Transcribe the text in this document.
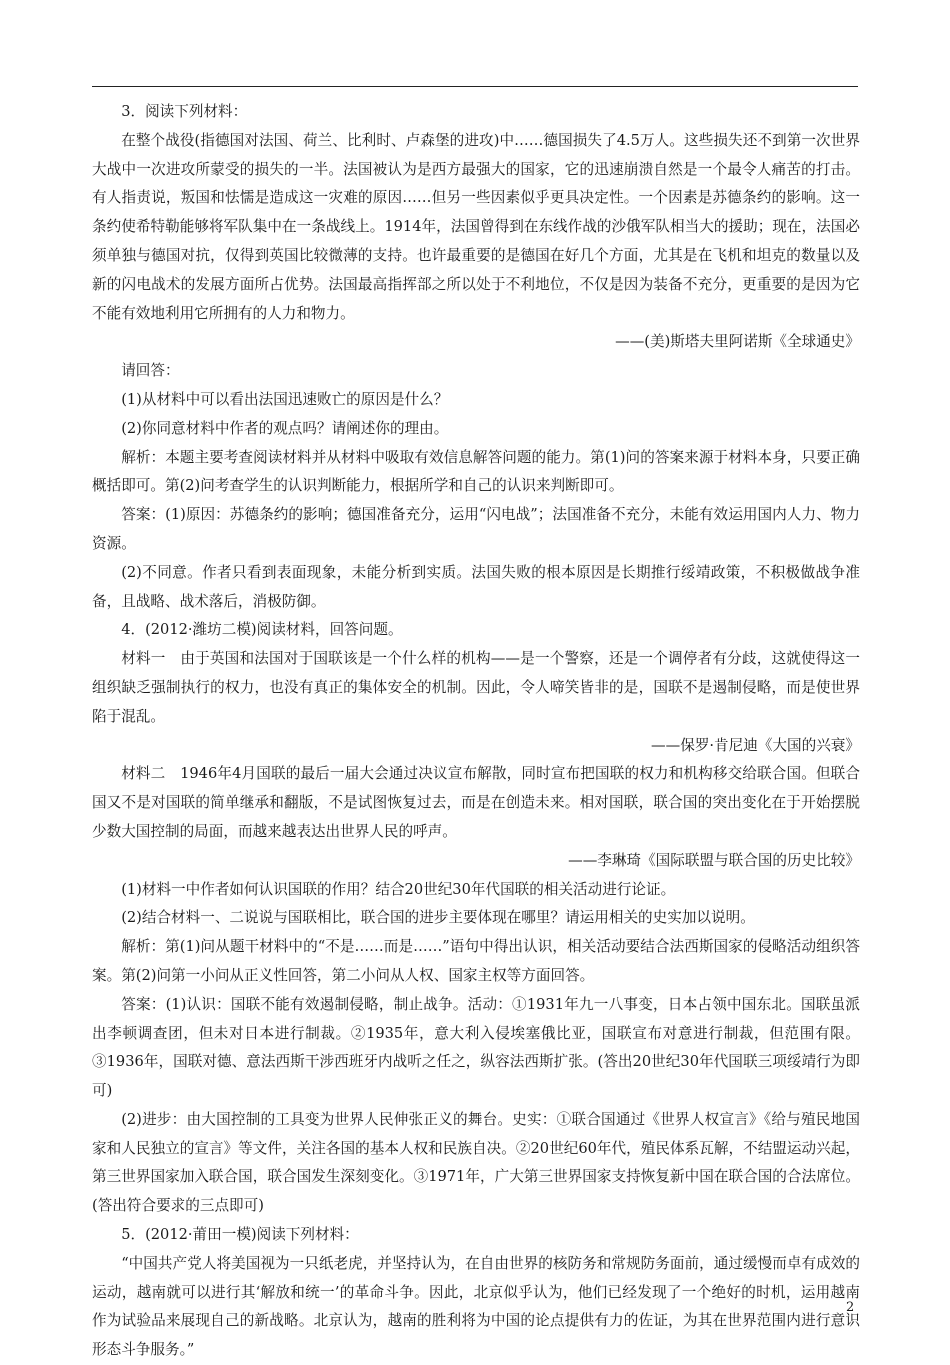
3．阅读下列材料：

在整个战役(指德国对法国、荷兰、比利时、卢森堡的进攻)中……德国损失了4.5万人。这些损失还不到第一次世界大战中一次进攻所蒙受的损失的一半。法国被认为是西方最强大的国家，它的迅速崩溃自然是一个最令人痛苦的打击。有人指责说，叛国和怯懦是造成这一灾难的原因……但另一些因素似乎更具决定性。一个因素是苏德条约的影响。这一条约使希特勒能够将军队集中在一条战线上。1914年，法国曾得到在东线作战的沙俄军队相当大的援助；现在，法国必须单独与德国对抗，仅得到英国比较微薄的支持。也许最重要的是德国在好几个方面，尤其是在飞机和坦克的数量以及新的闪电战术的发展方面所占优势。法国最高指挥部之所以处于不利地位，不仅是因为装备不充分，更重要的是因为它不能有效地利用它所拥有的人力和物力。

——(美)斯塔夫里阿诺斯《全球通史》

请回答：

(1)从材料中可以看出法国迅速败亡的原因是什么？

(2)你同意材料中作者的观点吗？请阐述你的理由。

解析：本题主要考查阅读材料并从材料中吸取有效信息解答问题的能力。第(1)问的答案来源于材料本身，只要正确概括即可。第(2)问考查学生的认识判断能力，根据所学和自己的认识来判断即可。

答案：(1)原因：苏德条约的影响；德国准备充分，运用“闪电战”；法国准备不充分，未能有效运用国内人力、物力资源。

(2)不同意。作者只看到表面现象，未能分析到实质。法国失败的根本原因是长期推行绥靖政策，不积极做战争准备，且战略、战术落后，消极防御。

4．(2012·潍坊二模)阅读材料，回答问题。

材料一　由于英国和法国对于国联该是一个什么样的机构——是一个警察，还是一个调停者有分歧，这就使得这一组织缺乏强制执行的权力，也没有真正的集体安全的机制。因此，令人啼笑皆非的是，国联不是遏制侵略，而是使世界陷于混乱。

——保罗·肯尼迪《大国的兴衰》

材料二　1946年4月国联的最后一届大会通过决议宣布解散，同时宣布把国联的权力和机构移交给联合国。但联合国又不是对国联的简单继承和翻版，不是试图恢复过去，而是在创造未来。相对国联，联合国的突出变化在于开始摆脱少数大国控制的局面，而越来越表达出世界人民的呼声。

——李琳琦《国际联盟与联合国的历史比较》

(1)材料一中作者如何认识国联的作用？结合20世纪30年代国联的相关活动进行论证。

(2)结合材料一、二说说与国联相比，联合国的进步主要体现在哪里？请运用相关的史实加以说明。

解析：第(1)问从题干材料中的“不是……而是……”语句中得出认识，相关活动要结合法西斯国家的侵略活动组织答案。第(2)问第一小问从正义性回答，第二小问从人权、国家主权等方面回答。

答案：(1)认识：国联不能有效遏制侵略，制止战争。活动：①1931年九一八事变，日本占领中国东北。国联虽派出李顿调查团，但未对日本进行制裁。②1935年，意大利入侵埃塞俄比亚，国联宣布对意进行制裁，但范围有限。③1936年，国联对德、意法西斯干涉西班牙内战听之任之，纵容法西斯扩张。(答出20世纪30年代国联三项绥靖行为即可)

(2)进步：由大国控制的工具变为世界人民伸张正义的舞台。史实：①联合国通过《世界人权宣言》《给与殖民地国家和人民独立的宣言》等文件，关注各国的基本人权和民族自决。②20世纪60年代，殖民体系瓦解，不结盟运动兴起，第三世界国家加入联合国，联合国发生深刻变化。③1971年，广大第三世界国家支持恢复新中国在联合国的合法席位。(答出符合要求的三点即可)

5．(2012·莆田一模)阅读下列材料：

“中国共产党人将美国视为一只纸老虎，并坚持认为，在自由世界的核防务和常规防务面前，通过缓慢而卓有成效的运动，越南就可以进行其‘解放和统一’的革命斗争。因此，北京似乎认为，他们已经发现了一个绝好的时机，运用越南作为试验品来展现自己的新战略。北京认为，越南的胜利将为中国的论点提供有力的佐证，为其在世界范围内进行意识形态斗争服务。”

2
